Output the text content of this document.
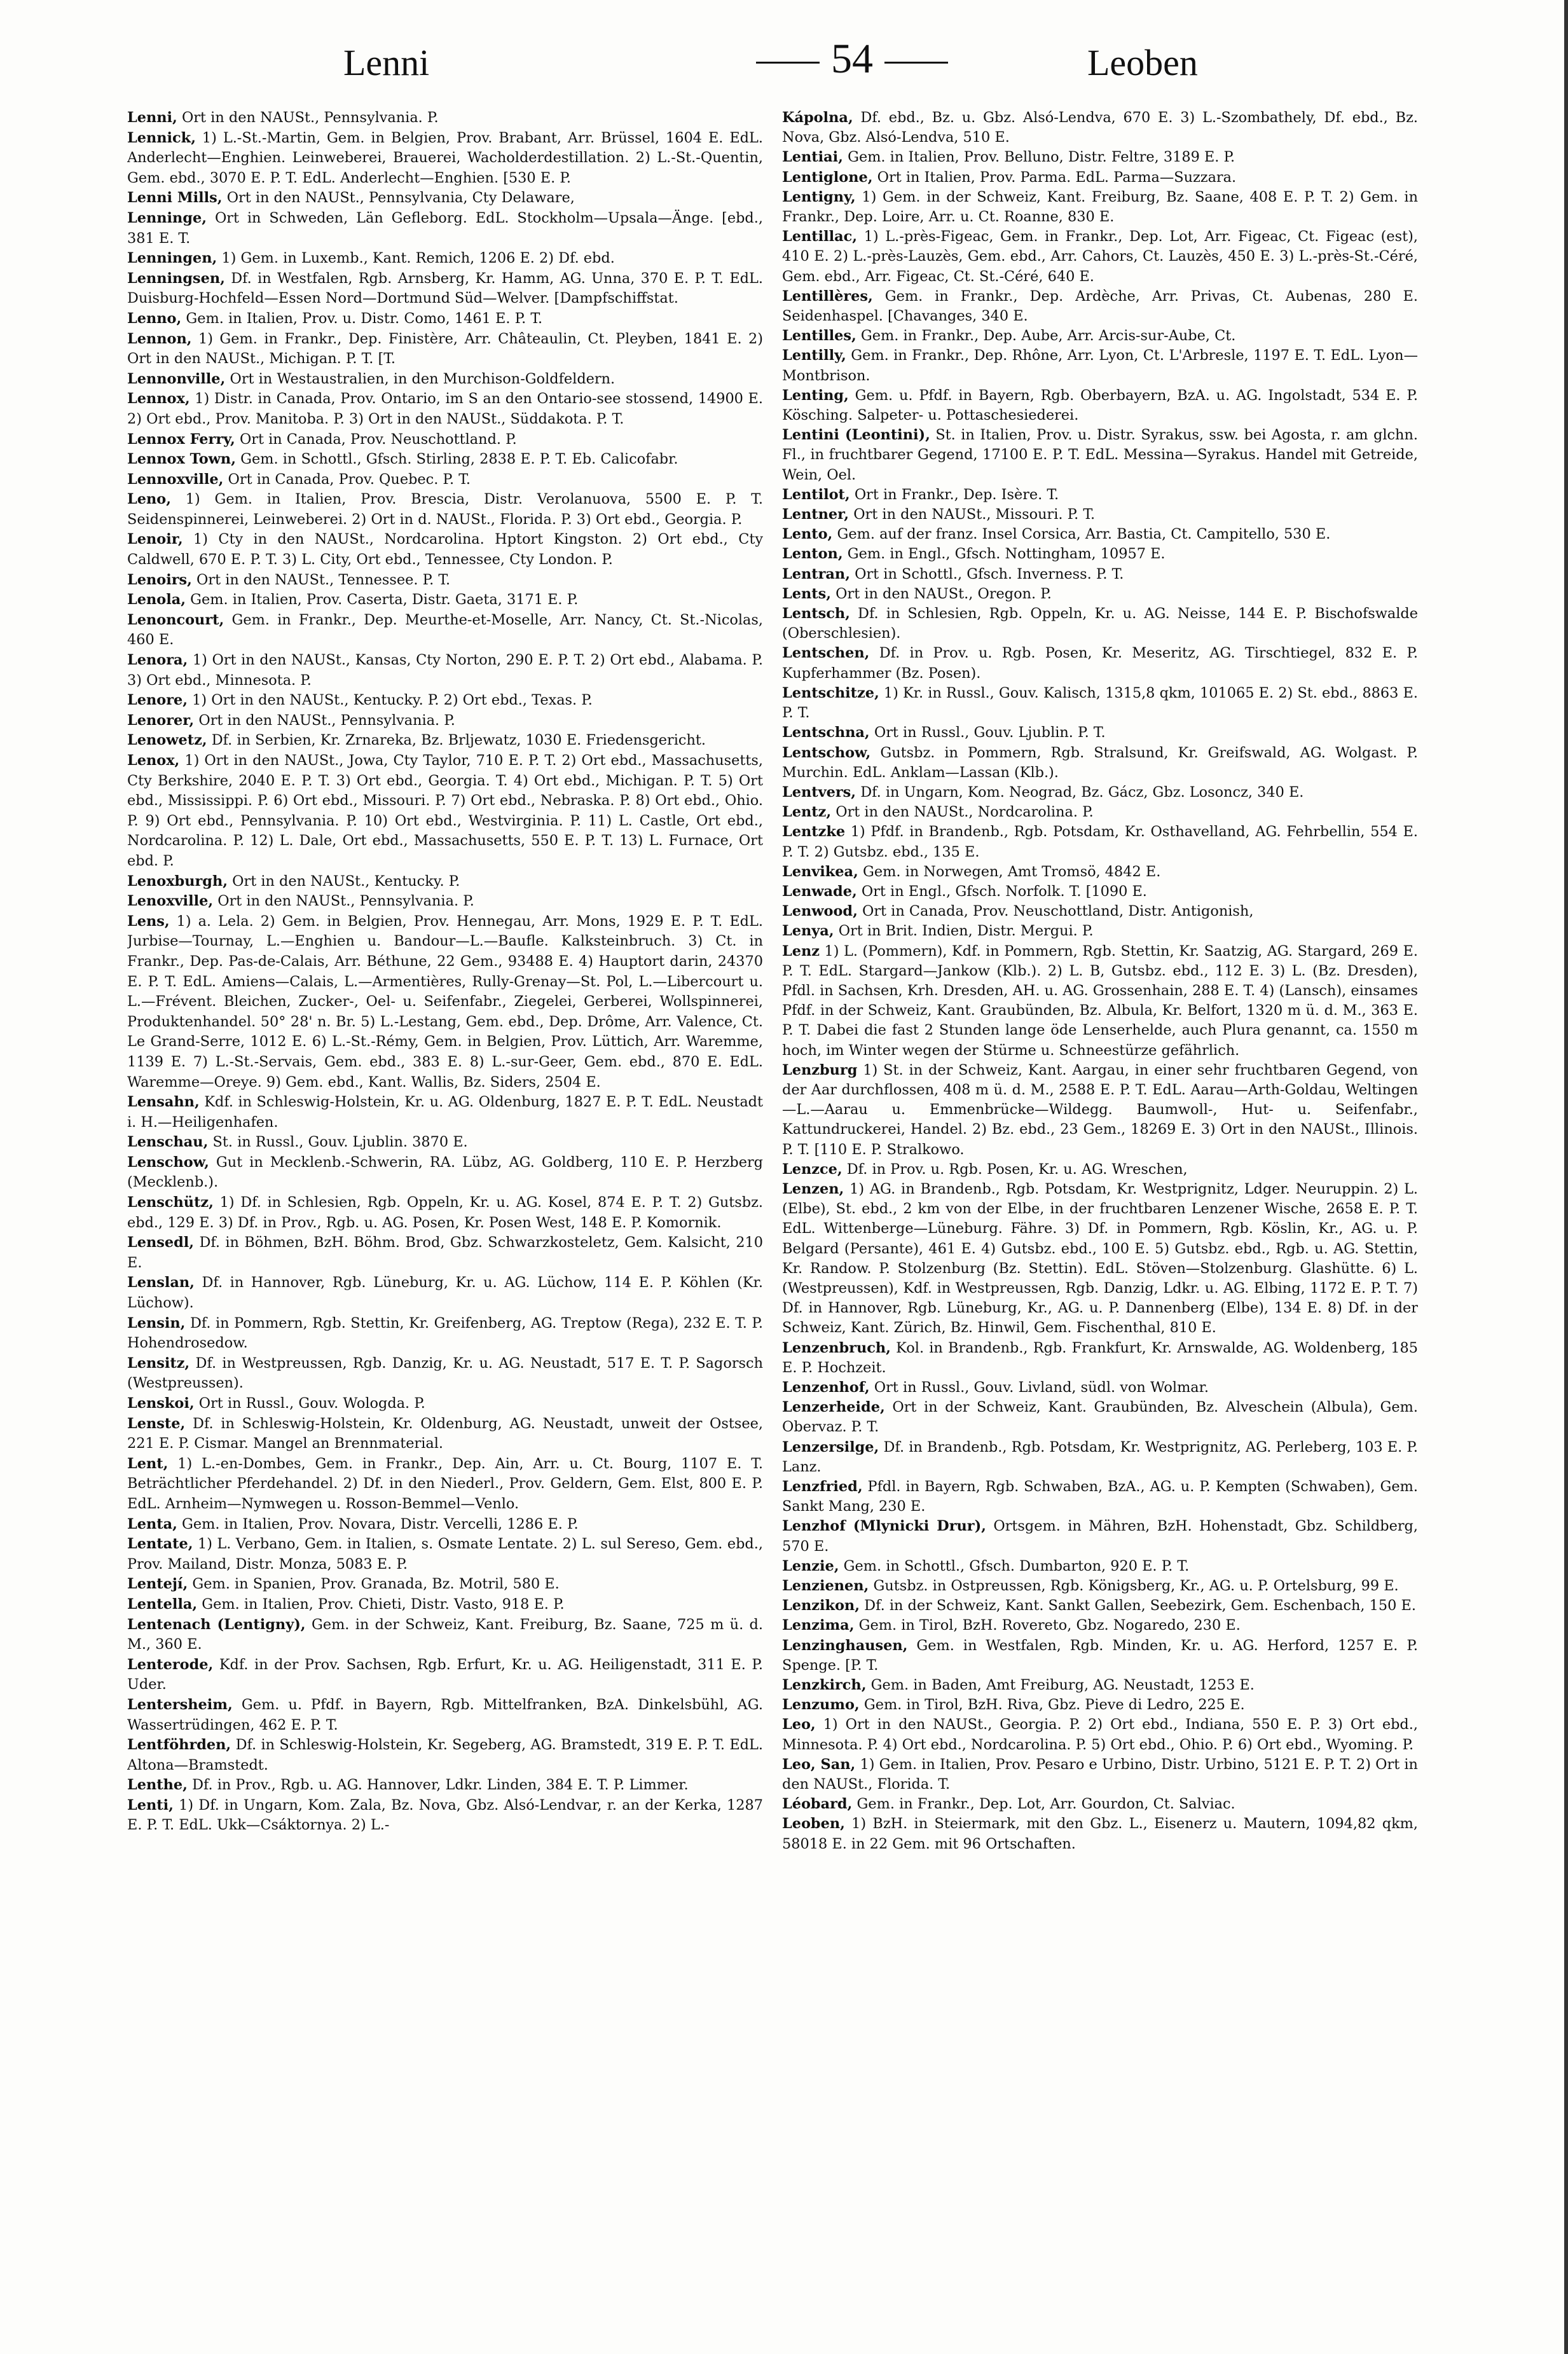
Lenni	54	Leoben

Lenni, Ort in den NAUSt., Pennsylvania. P.

Lennick, 1) L.-St.-Martin, Gem. in Belgien, Prov. Brabant, Arr. Brüssel, 1604 E. EdL. Anderlecht—Enghien. Leinweberei, Brauerei, Wacholderdestillation. 2) L.-St.-Quentin, Gem. ebd., 3070 E. P. T. EdL. Anderlecht—Enghien. [530 E. P.

Lenni Mills, Ort in den NAUSt., Pennsylvania, Cty Delaware,

Lenninge, Ort in Schweden, Län Gefleborg. EdL. Stockholm—Upsala—Änge. [ebd., 381 E. T.

Lenningen, 1) Gem. in Luxemb., Kant. Remich, 1206 E. 2) Df. ebd.

Lenningsen, Df. in Westfalen, Rgb. Arnsberg, Kr. Hamm, AG. Unna, 370 E. P. T. EdL. Duisburg-Hochfeld—Essen Nord—Dortmund Süd—Welver. [Dampfschiffstat.

Lenno, Gem. in Italien, Prov. u. Distr. Como, 1461 E. P. T.

Lennon, 1) Gem. in Frankr., Dep. Finistère, Arr. Châteaulin, Ct. Pleyben, 1841 E. 2) Ort in den NAUSt., Michigan. P. T. [T.

Lennonville, Ort in Westaustralien, in den Murchison-Goldfeldern.

Lennox, 1) Distr. in Canada, Prov. Ontario, im S an den Ontario-see stossend, 14900 E. 2) Ort ebd., Prov. Manitoba. P. 3) Ort in den NAUSt., Süddakota. P. T.

Lennox Ferry, Ort in Canada, Prov. Neuschottland. P.

Lennox Town, Gem. in Schottl., Gfsch. Stirling, 2838 E. P. T. Eb. Calicofabr.

Lennoxville, Ort in Canada, Prov. Quebec. P. T.

Leno, 1) Gem. in Italien, Prov. Brescia, Distr. Verolanuova, 5500 E. P. T. Seidenspinnerei, Leinweberei. 2) Ort in d. NAUSt., Florida. P. 3) Ort ebd., Georgia. P.

Lenoir, 1) Cty in den NAUSt., Nordcarolina. Hptort Kingston. 2) Ort ebd., Cty Caldwell, 670 E. P. T. 3) L. City, Ort ebd., Tennessee, Cty London. P.

Lenoirs, Ort in den NAUSt., Tennessee. P. T.

Lenola, Gem. in Italien, Prov. Caserta, Distr. Gaeta, 3171 E. P.

Lenoncourt, Gem. in Frankr., Dep. Meurthe-et-Moselle, Arr. Nancy, Ct. St.-Nicolas, 460 E.

Lenora, 1) Ort in den NAUSt., Kansas, Cty Norton, 290 E. P. T. 2) Ort ebd., Alabama. P. 3) Ort ebd., Minnesota. P.

Lenore, 1) Ort in den NAUSt., Kentucky. P. 2) Ort ebd., Texas. P.

Lenorer, Ort in den NAUSt., Pennsylvania. P.

Lenowetz, Df. in Serbien, Kr. Zrnareka, Bz. Brljewatz, 1030 E. Friedensgericht.

Lenox, 1) Ort in den NAUSt., Jowa, Cty Taylor, 710 E. P. T. 2) Ort ebd., Massachusetts, Cty Berkshire, 2040 E. P. T. 3) Ort ebd., Georgia. T. 4) Ort ebd., Michigan. P. T. 5) Ort ebd., Mississippi. P. 6) Ort ebd., Missouri. P. 7) Ort ebd., Nebraska. P. 8) Ort ebd., Ohio. P. 9) Ort ebd., Pennsylvania. P. 10) Ort ebd., Westvirginia. P. 11) L. Castle, Ort ebd., Nordcarolina. P. 12) L. Dale, Ort ebd., Massachusetts, 550 E. P. T. 13) L. Furnace, Ort ebd. P.

Lenoxburgh, Ort in den NAUSt., Kentucky. P.

Lenoxville, Ort in den NAUSt., Pennsylvania. P.

Lens, 1) a. Lela. 2) Gem. in Belgien, Prov. Hennegau, Arr. Mons, 1929 E. P. T. EdL. Jurbise—Tournay, L.—Enghien u. Bandour—L.—Baufle. Kalksteinbruch. 3) Ct. in Frankr., Dep. Pas-de-Calais, Arr. Béthune, 22 Gem., 93488 E. 4) Hauptort darin, 24370 E. P. T. EdL. Amiens—Calais, L.—Armentières, Rully-Grenay—St. Pol, L.—Libercourt u. L.—Frévent. Bleichen, Zucker-, Oel- u. Seifenfabr., Ziegelei, Gerberei, Wollspinnerei, Produktenhandel. 50° 28' n. Br. 5) L.-Lestang, Gem. ebd., Dep. Drôme, Arr. Valence, Ct. Le Grand-Serre, 1012 E. 6) L.-St.-Rémy, Gem. in Belgien, Prov. Lüttich, Arr. Waremme, 1139 E. 7) L.-St.-Servais, Gem. ebd., 383 E. 8) L.-sur-Geer, Gem. ebd., 870 E. EdL. Waremme—Oreye. 9) Gem. ebd., Kant. Wallis, Bz. Siders, 2504 E.

Lensahn, Kdf. in Schleswig-Holstein, Kr. u. AG. Oldenburg, 1827 E. P. T. EdL. Neustadt i. H.—Heiligenhafen.

Lenschau, St. in Russl., Gouv. Ljublin. 3870 E.

Lenschow, Gut in Mecklenb.-Schwerin, RA. Lübz, AG. Goldberg, 110 E. P. Herzberg (Mecklenb.).

Lenschütz, 1) Df. in Schlesien, Rgb. Oppeln, Kr. u. AG. Kosel, 874 E. P. T. 2) Gutsbz. ebd., 129 E. 3) Df. in Prov., Rgb. u. AG. Posen, Kr. Posen West, 148 E. P. Komornik.

Lensedl, Df. in Böhmen, BzH. Böhm. Brod, Gbz. Schwarzkosteletz, Gem. Kalsicht, 210 E.

Lenslan, Df. in Hannover, Rgb. Lüneburg, Kr. u. AG. Lüchow, 114 E. P. Köhlen (Kr. Lüchow).

Lensin, Df. in Pommern, Rgb. Stettin, Kr. Greifenberg, AG. Treptow (Rega), 232 E. T. P. Hohendrosedow.

Lensitz, Df. in Westpreussen, Rgb. Danzig, Kr. u. AG. Neustadt, 517 E. T. P. Sagorsch (Westpreussen).

Lenskoi, Ort in Russl., Gouv. Wologda. P.

Lenste, Df. in Schleswig-Holstein, Kr. Oldenburg, AG. Neustadt, unweit der Ostsee, 221 E. P. Cismar. Mangel an Brennmaterial.

Lent, 1) L.-en-Dombes, Gem. in Frankr., Dep. Ain, Arr. u. Ct. Bourg, 1107 E. T. Beträchtlicher Pferdehandel. 2) Df. in den Niederl., Prov. Geldern, Gem. Elst, 800 E. P. EdL. Arnheim—Nymwegen u. Rosson-Bemmel—Venlo.

Lenta, Gem. in Italien, Prov. Novara, Distr. Vercelli, 1286 E. P.

Lentate, 1) L. Verbano, Gem. in Italien, s. Osmate Lentate. 2) L. sul Sereso, Gem. ebd., Prov. Mailand, Distr. Monza, 5083 E. P.

Lentejí, Gem. in Spanien, Prov. Granada, Bz. Motril, 580 E.

Lentella, Gem. in Italien, Prov. Chieti, Distr. Vasto, 918 E. P.

Lentenach (Lentigny), Gem. in der Schweiz, Kant. Freiburg, Bz. Saane, 725 m ü. d. M., 360 E.

Lenterode, Kdf. in der Prov. Sachsen, Rgb. Erfurt, Kr. u. AG. Heiligenstadt, 311 E. P. Uder.

Lentersheim, Gem. u. Pfdf. in Bayern, Rgb. Mittelfranken, BzA. Dinkelsbühl, AG. Wassertrüdingen, 462 E. P. T.

Lentföhrden, Df. in Schleswig-Holstein, Kr. Segeberg, AG. Bramstedt, 319 E. P. T. EdL. Altona—Bramstedt.

Lenthe, Df. in Prov., Rgb. u. AG. Hannover, Ldkr. Linden, 384 E. T. P. Limmer.

Lenti, 1) Df. in Ungarn, Kom. Zala, Bz. Nova, Gbz. Alsó-Lendvar, r. an der Kerka, 1287 E. P. T. EdL. Ukk—Csáktornya. 2) L.-

Kápolna, Df. ebd., Bz. u. Gbz. Alsó-Lendva, 670 E. 3) L.-Szombathely, Df. ebd., Bz. Nova, Gbz. Alsó-Lendva, 510 E.

Lentiai, Gem. in Italien, Prov. Belluno, Distr. Feltre, 3189 E. P.

Lentiglone, Ort in Italien, Prov. Parma. EdL. Parma—Suzzara.

Lentigny, 1) Gem. in der Schweiz, Kant. Freiburg, Bz. Saane, 408 E. P. T. 2) Gem. in Frankr., Dep. Loire, Arr. u. Ct. Roanne, 830 E.

Lentillac, 1) L.-près-Figeac, Gem. in Frankr., Dep. Lot, Arr. Figeac, Ct. Figeac (est), 410 E. 2) L.-près-Lauzès, Gem. ebd., Arr. Cahors, Ct. Lauzès, 450 E. 3) L.-près-St.-Céré, Gem. ebd., Arr. Figeac, Ct. St.-Céré, 640 E.

Lentillères, Gem. in Frankr., Dep. Ardèche, Arr. Privas, Ct. Aubenas, 280 E. Seidenhaspel. [Chavanges, 340 E.

Lentilles, Gem. in Frankr., Dep. Aube, Arr. Arcis-sur-Aube, Ct.

Lentilly, Gem. in Frankr., Dep. Rhône, Arr. Lyon, Ct. L'Arbresle, 1197 E. T. EdL. Lyon—Montbrison.

Lenting, Gem. u. Pfdf. in Bayern, Rgb. Oberbayern, BzA. u. AG. Ingolstadt, 534 E. P. Kösching. Salpeter- u. Pottaschesiederei.

Lentini (Leontini), St. in Italien, Prov. u. Distr. Syrakus, ssw. bei Agosta, r. am glchn. Fl., in fruchtbarer Gegend, 17100 E. P. T. EdL. Messina—Syrakus. Handel mit Getreide, Wein, Oel.

Lentilot, Ort in Frankr., Dep. Isère. T.

Lentner, Ort in den NAUSt., Missouri. P. T.

Lento, Gem. auf der franz. Insel Corsica, Arr. Bastia, Ct. Campitello, 530 E.

Lenton, Gem. in Engl., Gfsch. Nottingham, 10957 E.

Lentran, Ort in Schottl., Gfsch. Inverness. P. T.

Lents, Ort in den NAUSt., Oregon. P.

Lentsch, Df. in Schlesien, Rgb. Oppeln, Kr. u. AG. Neisse, 144 E. P. Bischofswalde (Oberschlesien).

Lentschen, Df. in Prov. u. Rgb. Posen, Kr. Meseritz, AG. Tirschtiegel, 832 E. P. Kupferhammer (Bz. Posen).

Lentschitze, 1) Kr. in Russl., Gouv. Kalisch, 1315,8 qkm, 101065 E. 2) St. ebd., 8863 E. P. T.

Lentschna, Ort in Russl., Gouv. Ljublin. P. T.

Lentschow, Gutsbz. in Pommern, Rgb. Stralsund, Kr. Greifswald, AG. Wolgast. P. Murchin. EdL. Anklam—Lassan (Klb.).

Lentvers, Df. in Ungarn, Kom. Neograd, Bz. Gácz, Gbz. Losoncz, 340 E.

Lentz, Ort in den NAUSt., Nordcarolina. P.

Lentzke 1) Pfdf. in Brandenb., Rgb. Potsdam, Kr. Osthavelland, AG. Fehrbellin, 554 E. P. T. 2) Gutsbz. ebd., 135 E.

Lenvikea, Gem. in Norwegen, Amt Tromsö, 4842 E.

Lenwade, Ort in Engl., Gfsch. Norfolk. T. [1090 E.

Lenwood, Ort in Canada, Prov. Neuschottland, Distr. Antigonish,

Lenya, Ort in Brit. Indien, Distr. Mergui. P.

Lenz 1) L. (Pommern), Kdf. in Pommern, Rgb. Stettin, Kr. Saatzig, AG. Stargard, 269 E. P. T. EdL. Stargard—Jankow (Klb.). 2) L. B, Gutsbz. ebd., 112 E. 3) L. (Bz. Dresden), Pfdl. in Sachsen, Krh. Dresden, AH. u. AG. Grossenhain, 288 E. T. 4) (Lansch), einsames Pfdf. in der Schweiz, Kant. Graubünden, Bz. Albula, Kr. Belfort, 1320 m ü. d. M., 363 E. P. T. Dabei die fast 2 Stunden lange öde Lenserhelde, auch Plura genannt, ca. 1550 m hoch, im Winter wegen der Stürme u. Schneestürze gefährlich.

Lenzburg 1) St. in der Schweiz, Kant. Aargau, in einer sehr fruchtbaren Gegend, von der Aar durchflossen, 408 m ü. d. M., 2588 E. P. T. EdL. Aarau—Arth-Goldau, Weltingen—L.—Aarau u. Emmenbrücke—Wildegg. Baumwoll-, Hut- u. Seifenfabr., Kattundruckerei, Handel. 2) Bz. ebd., 23 Gem., 18269 E. 3) Ort in den NAUSt., Illinois. P. T. [110 E. P. Stralkowo.

Lenzce, Df. in Prov. u. Rgb. Posen, Kr. u. AG. Wreschen,

Lenzen, 1) AG. in Brandenb., Rgb. Potsdam, Kr. Westprignitz, Ldger. Neuruppin. 2) L. (Elbe), St. ebd., 2 km von der Elbe, in der fruchtbaren Lenzener Wische, 2658 E. P. T. EdL. Wittenberge—Lüneburg. Fähre. 3) Df. in Pommern, Rgb. Köslin, Kr., AG. u. P. Belgard (Persante), 461 E. 4) Gutsbz. ebd., 100 E. 5) Gutsbz. ebd., Rgb. u. AG. Stettin, Kr. Randow. P. Stolzenburg (Bz. Stettin). EdL. Stöven—Stolzenburg. Glashütte. 6) L. (Westpreussen), Kdf. in Westpreussen, Rgb. Danzig, Ldkr. u. AG. Elbing, 1172 E. P. T. 7) Df. in Hannover, Rgb. Lüneburg, Kr., AG. u. P. Dannenberg (Elbe), 134 E. 8) Df. in der Schweiz, Kant. Zürich, Bz. Hinwil, Gem. Fischenthal, 810 E.

Lenzenbruch, Kol. in Brandenb., Rgb. Frankfurt, Kr. Arnswalde, AG. Woldenberg, 185 E. P. Hochzeit.

Lenzenhof, Ort in Russl., Gouv. Livland, südl. von Wolmar.

Lenzerheide, Ort in der Schweiz, Kant. Graubünden, Bz. Alveschein (Albula), Gem. Obervaz. P. T.

Lenzersilge, Df. in Brandenb., Rgb. Potsdam, Kr. Westprignitz, AG. Perleberg, 103 E. P. Lanz.

Lenzfried, Pfdl. in Bayern, Rgb. Schwaben, BzA., AG. u. P. Kempten (Schwaben), Gem. Sankt Mang, 230 E.

Lenzhof (Mlynicki Drur), Ortsgem. in Mähren, BzH. Hohenstadt, Gbz. Schildberg, 570 E.

Lenzie, Gem. in Schottl., Gfsch. Dumbarton, 920 E. P. T.

Lenzienen, Gutsbz. in Ostpreussen, Rgb. Königsberg, Kr., AG. u. P. Ortelsburg, 99 E.

Lenzikon, Df. in der Schweiz, Kant. Sankt Gallen, Seebezirk, Gem. Eschenbach, 150 E.

Lenzima, Gem. in Tirol, BzH. Rovereto, Gbz. Nogaredo, 230 E.

Lenzinghausen, Gem. in Westfalen, Rgb. Minden, Kr. u. AG. Herford, 1257 E. P. Spenge. [P. T.

Lenzkirch, Gem. in Baden, Amt Freiburg, AG. Neustadt, 1253 E.

Lenzumo, Gem. in Tirol, BzH. Riva, Gbz. Pieve di Ledro, 225 E.

Leo, 1) Ort in den NAUSt., Georgia. P. 2) Ort ebd., Indiana, 550 E. P. 3) Ort ebd., Minnesota. P. 4) Ort ebd., Nordcarolina. P. 5) Ort ebd., Ohio. P. 6) Ort ebd., Wyoming. P.

Leo, San, 1) Gem. in Italien, Prov. Pesaro e Urbino, Distr. Urbino, 5121 E. P. T. 2) Ort in den NAUSt., Florida. T.

Léobard, Gem. in Frankr., Dep. Lot, Arr. Gourdon, Ct. Salviac.

Leoben, 1) BzH. in Steiermark, mit den Gbz. L., Eisenerz u. Mautern, 1094,82 qkm, 58018 E. in 22 Gem. mit 96 Ortschaften.
